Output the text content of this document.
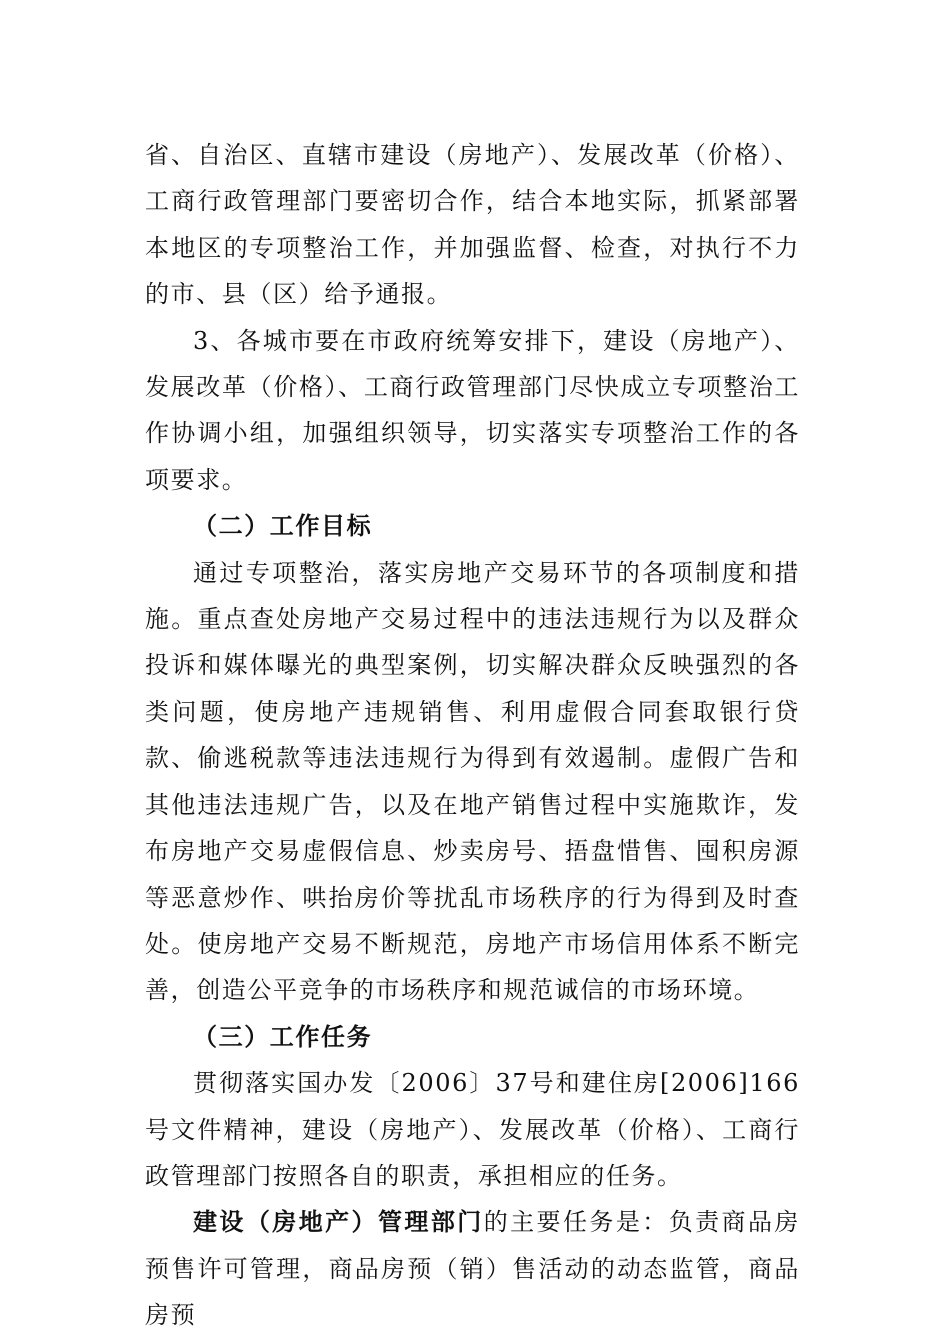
省、自治区、直辖市建设（房地产）、发展改革（价格）、工商行政管理部门要密切合作，结合本地实际，抓紧部署本地区的专项整治工作，并加强监督、检查，对执行不力的市、县（区）给予通报。

3、各城市要在市政府统筹安排下，建设（房地产）、发展改革（价格）、工商行政管理部门尽快成立专项整治工作协调小组，加强组织领导，切实落实专项整治工作的各项要求。

（二）工作目标

通过专项整治，落实房地产交易环节的各项制度和措施。重点查处房地产交易过程中的违法违规行为以及群众投诉和媒体曝光的典型案例，切实解决群众反映强烈的各类问题，使房地产违规销售、利用虚假合同套取银行贷款、偷逃税款等违法违规行为得到有效遏制。虚假广告和其他违法违规广告，以及在地产销售过程中实施欺诈，发布房地产交易虚假信息、炒卖房号、捂盘惜售、囤积房源等恶意炒作、哄抬房价等扰乱市场秩序的行为得到及时查处。使房地产交易不断规范，房地产市场信用体系不断完善，创造公平竞争的市场秩序和规范诚信的市场环境。

（三）工作任务

贯彻落实国办发〔2006〕37号和建住房[2006]166号文件精神，建设（房地产）、发展改革（价格）、工商行政管理部门按照各自的职责，承担相应的任务。

建设（房地产）管理部门的主要任务是：负责商品房预售许可管理，商品房预（销）售活动的动态监管，商品房预
